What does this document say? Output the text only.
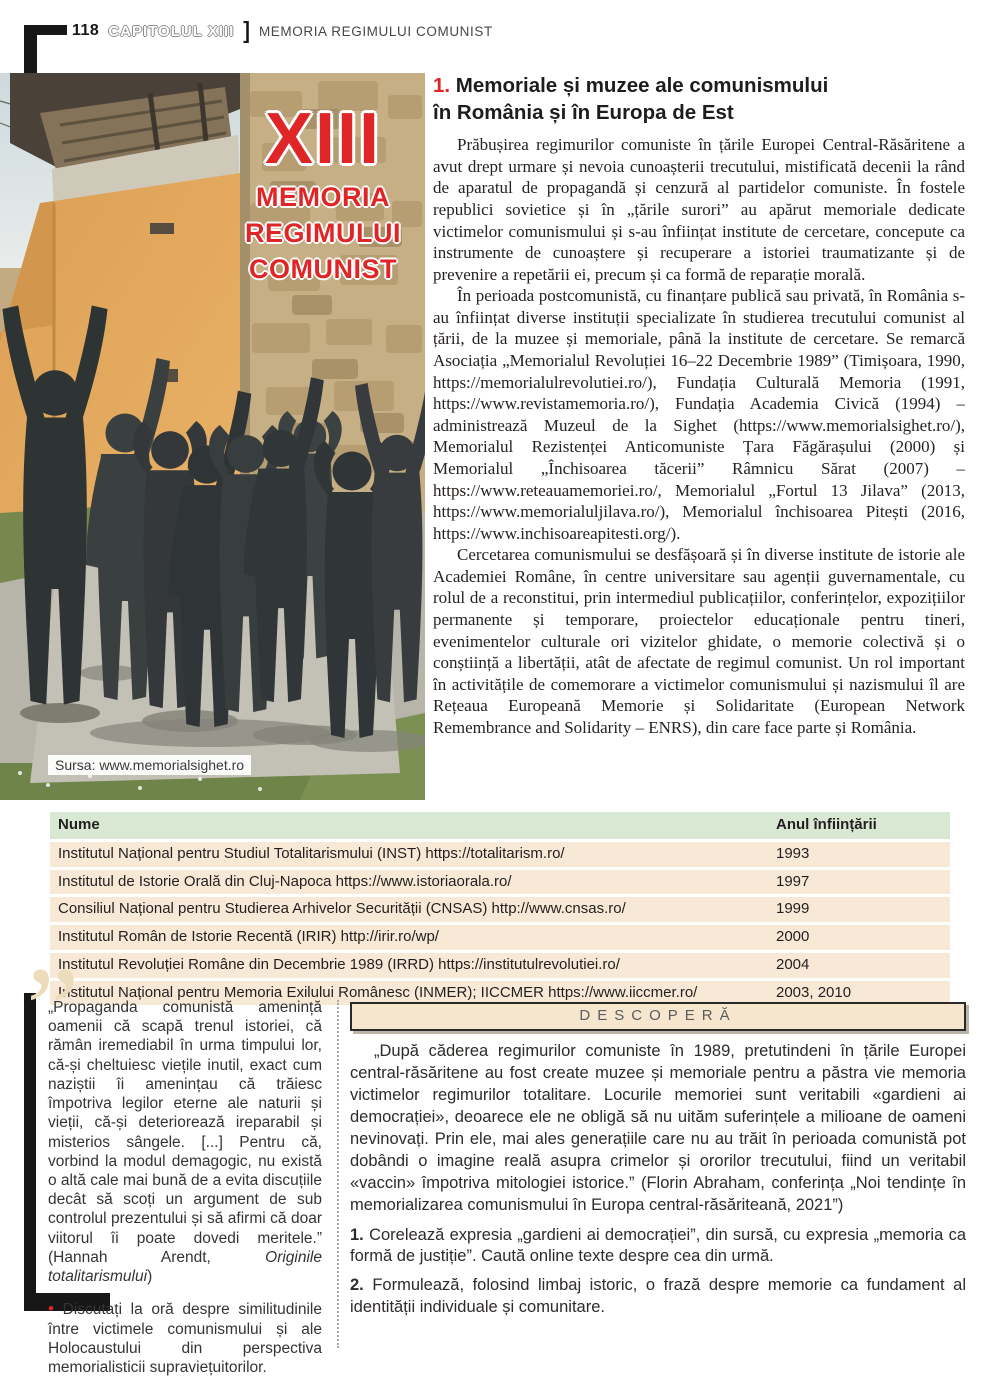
118 CAPITOLUL XIII ] MEMORIA REGIMULUI COMUNIST
XIII
MEMORIA
REGIMULUI
COMUNIST
Sursa: www.memorialsighet.ro
1. Memoriale și muzee ale comunismului
în România și în Europa de Est

Prăbușirea regimurilor comuniste în țările Europei Central-Răsăritene a avut drept urmare și nevoia cunoașterii trecutului, mistificată decenii la rând de aparatul de propagandă și cenzură al partidelor comuniste. În fostele republici sovietice și în „țările surori” au apărut memoriale dedicate victimelor comunismului și s-au înființat institute de cercetare, concepute ca instrumente de cunoaștere și recuperare a istoriei traumatizante și de prevenire a repetării ei, precum și ca formă de reparație morală.

În perioada postcomunistă, cu finanțare publică sau privată, în România s-au înființat diverse instituții specializate în studierea trecutului comunist al țării, de la muzee și memoriale, până la institute de cercetare. Se remarcă Asociația „Memorialul Revoluției 16–22 Decembrie 1989” (Timișoara, 1990, https://memorialulrevolutiei.ro/), Fundația Culturală Memoria (1991, https://www.revistamemoria.ro/), Fundația Academia Civică (1994) – administrează Muzeul de la Sighet (https://www.memorialsighet.ro/), Memorialul Rezistenței Anticomuniste Țara Făgărașului (2000) și Memorialul „Închisoarea tăcerii” Râmnicu Sărat (2007) – https://www.reteauamemoriei.ro/, Memorialul „Fortul 13 Jilava” (2013, https://www.memorialuljilava.ro/), Memorialul închisoarea Pitești (2016, https://www.inchisoareapitesti.org/).

Cercetarea comunismului se desfășoară și în diverse institute de istorie ale Academiei Române, în centre universitare sau agenții guvernamentale, cu rolul de a reconstitui, prin intermediul publicațiilor, conferințelor, expozițiilor permanente și temporare, proiectelor educaționale pentru tineri, evenimentelor culturale ori vizitelor ghidate, o memorie colectivă și o conștiință a libertății, atât de afectate de regimul comunist. Un rol important în activitățile de comemorare a victimelor comunismului și nazismului îl are Rețeaua Europeană Memorie și Solidaritate (European Network Remembrance and Solidarity – ENRS), din care face parte și România.

Nume	Anul înființării
Institutul Național pentru Studiul Totalitarismului (INST) https://totalitarism.ro/	1993
Institutul de Istorie Orală din Cluj-Napoca https://www.istoriaorala.ro/	1997
Consiliul Național pentru Studierea Arhivelor Securității (CNSAS) http://www.cnsas.ro/	1999
Institutul Român de Istorie Recentă (IRIR) http://irir.ro/wp/	2000
Institutul Revoluției Române din Decembrie 1989 (IRRD) https://institutulrevolutiei.ro/	2004
Institutul Național pentru Memoria Exilului Românesc (INMER); IICCMER https://www.iiccmer.ro/	2003, 2010
”

„Propaganda comunistă amenință oamenii că scapă trenul istoriei, că rămân iremediabil în urma timpului lor, că-și cheltuiesc viețile inutil, exact cum naziștii îi amenințau că trăiesc împotriva legilor eterne ale naturii și vieții, că-și deteriorează ireparabil și misterios sângele. [...] Pentru că, vorbind la modul demagogic, nu există o altă cale mai bună de a evita discuțiile decât să scoți un argument de sub controlul prezentului și să afirmi că doar viitorul îi poate dovedi meritele.” (Hannah Arendt, Originile totalitarismului)

• Discutați la oră despre similitudinile între victimele comunismului și ale Holocaustului din perspectiva memorialisticii supraviețuitorilor.

DESCOPERĂ

„După căderea regimurilor comuniste în 1989, pretutindeni în țările Europei central-răsăritene au fost create muzee și memoriale pentru a păstra vie memoria victimelor regimurilor totalitare. Locurile memoriei sunt veritabili «gardieni ai democrației», deoarece ele ne obligă să nu uităm suferințele a milioane de oameni nevinovați. Prin ele, mai ales generațiile care nu au trăit în perioada comunistă pot dobândi o imagine reală asupra crimelor și ororilor trecutului, fiind un veritabil «vaccin» împotriva mitologiei istorice.” (Florin Abraham, conferința „Noi tendințe în memorializarea comunismului în Europa central-răsăriteană, 2021”)

1. Corelează expresia „gardieni ai democrației”, din sursă, cu expresia „memoria ca formă de justiție”. Caută online texte despre cea din urmă.

2. Formulează, folosind limbaj istoric, o frază despre memorie ca fundament al identității individuale și comunitare.
